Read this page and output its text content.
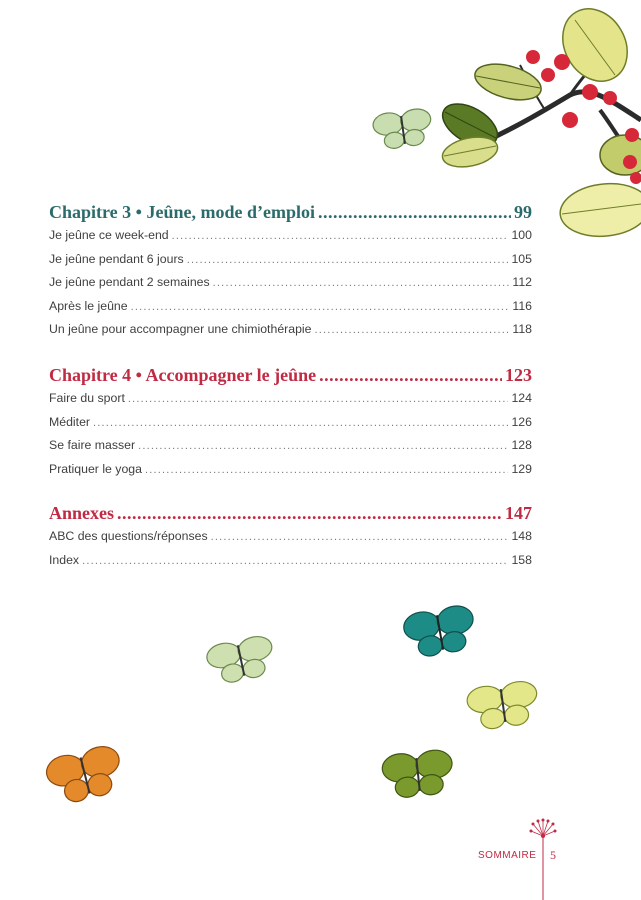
Chapitre 3 • Jeûne, mode d’emploi .....	99
Je jeûne ce week-end .....	100
Je jeûne pendant 6 jours .....	105
Je jeûne pendant 2 semaines .....	112
Après le jeûne .....	116
Un jeûne pour accompagner une chimiothérapie .....	118
Chapitre 4 • Accompagner le jeûne .....	123
Faire du sport .....	124
Méditer .....	126
Se faire masser .....	128
Pratiquer le yoga .....	129
Annexes .....	147
ABC des questions/réponses .....	148
Index .....	158
SOMMAIRE 5
